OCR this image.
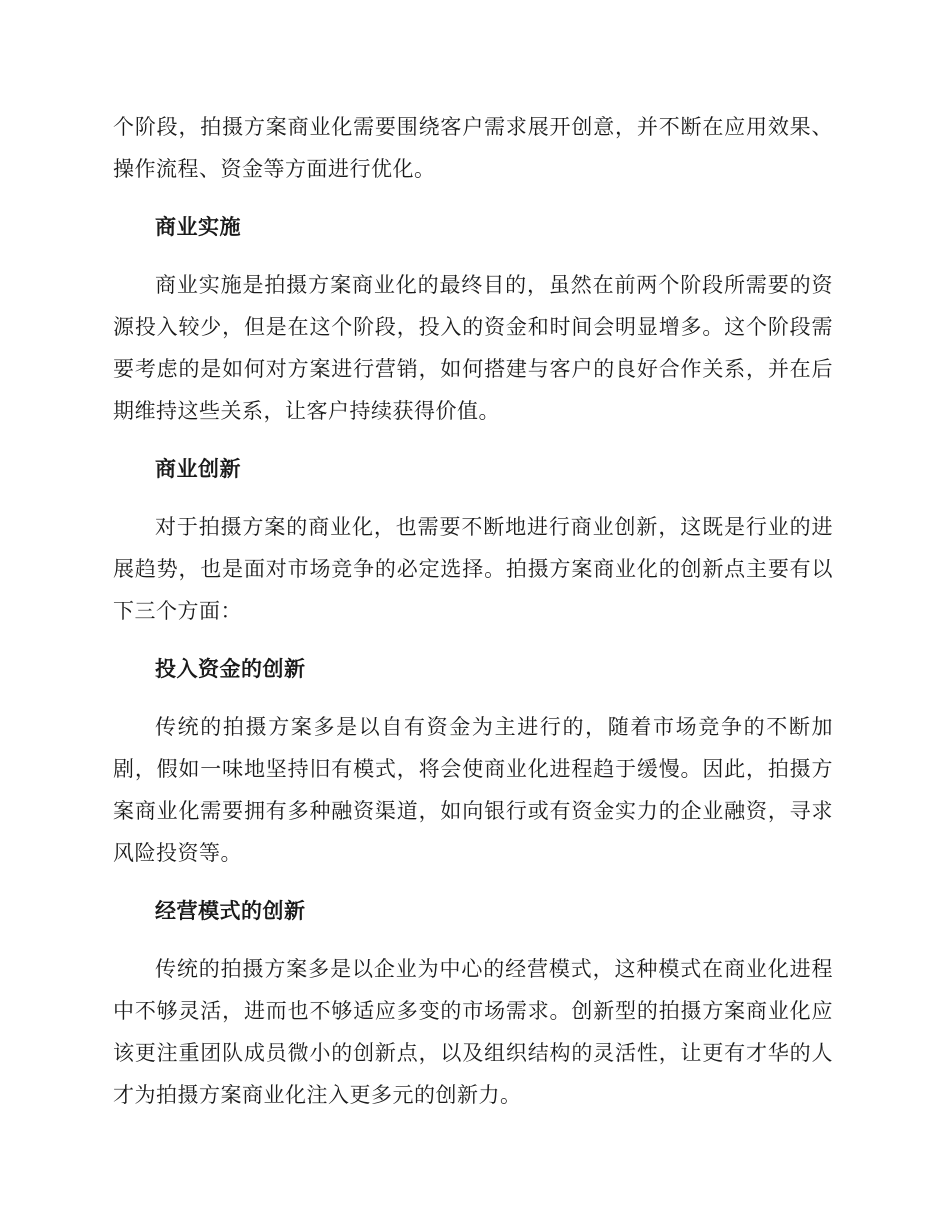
个阶段，拍摄方案商业化需要围绕客户需求展开创意，并不断在应用效果、操作流程、资金等方面进行优化。

商业实施

商业实施是拍摄方案商业化的最终目的，虽然在前两个阶段所需要的资源投入较少，但是在这个阶段，投入的资金和时间会明显增多。这个阶段需要考虑的是如何对方案进行营销，如何搭建与客户的良好合作关系，并在后期维持这些关系，让客户持续获得价值。

商业创新

对于拍摄方案的商业化，也需要不断地进行商业创新，这既是行业的进展趋势，也是面对市场竞争的必定选择。拍摄方案商业化的创新点主要有以下三个方面：

投入资金的创新

传统的拍摄方案多是以自有资金为主进行的，随着市场竞争的不断加剧，假如一味地坚持旧有模式，将会使商业化进程趋于缓慢。因此，拍摄方案商业化需要拥有多种融资渠道，如向银行或有资金实力的企业融资，寻求风险投资等。

经营模式的创新

传统的拍摄方案多是以企业为中心的经营模式，这种模式在商业化进程中不够灵活，进而也不够适应多变的市场需求。创新型的拍摄方案商业化应该更注重团队成员微小的创新点，以及组织结构的灵活性，让更有才华的人才为拍摄方案商业化注入更多元的创新力。
